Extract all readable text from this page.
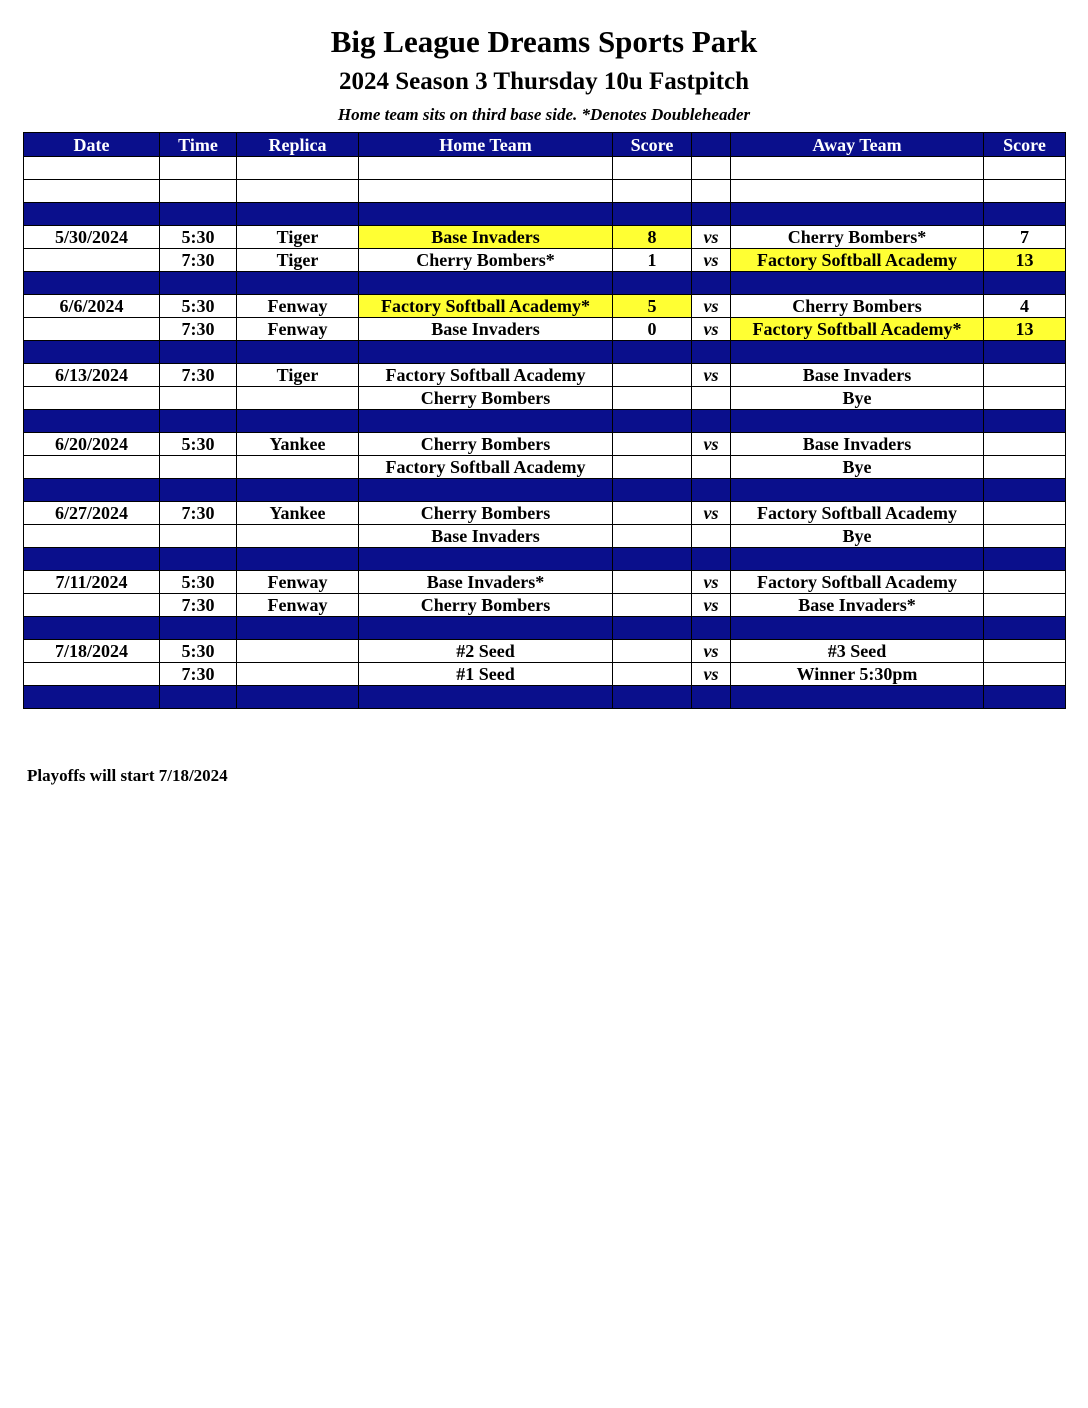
Big League Dreams Sports Park
2024 Season 3 Thursday 10u Fastpitch
Home team sits on third base side. *Denotes Doubleheader
Date	Time	Replica	Home Team	Score		Away Team	Score

5/30/2024	5:30	Tiger	Base Invaders	8	vs	Cherry Bombers*	7
	7:30	Tiger	Cherry Bombers*	1	vs	Factory Softball Academy	13

6/6/2024	5:30	Fenway	Factory Softball Academy*	5	vs	Cherry Bombers	4
	7:30	Fenway	Base Invaders	0	vs	Factory Softball Academy*	13

6/13/2024	7:30	Tiger	Factory Softball Academy		vs	Base Invaders	
			Cherry Bombers			Bye	

6/20/2024	5:30	Yankee	Cherry Bombers		vs	Base Invaders	
			Factory Softball Academy			Bye	

6/27/2024	7:30	Yankee	Cherry Bombers		vs	Factory Softball Academy	
			Base Invaders			Bye	

7/11/2024	5:30	Fenway	Base Invaders*		vs	Factory Softball Academy	
	7:30	Fenway	Cherry Bombers		vs	Base Invaders*	

7/18/2024	5:30		#2 Seed		vs	#3 Seed	
	7:30		#1 Seed		vs	Winner 5:30pm	

Playoffs will start 7/18/2024
